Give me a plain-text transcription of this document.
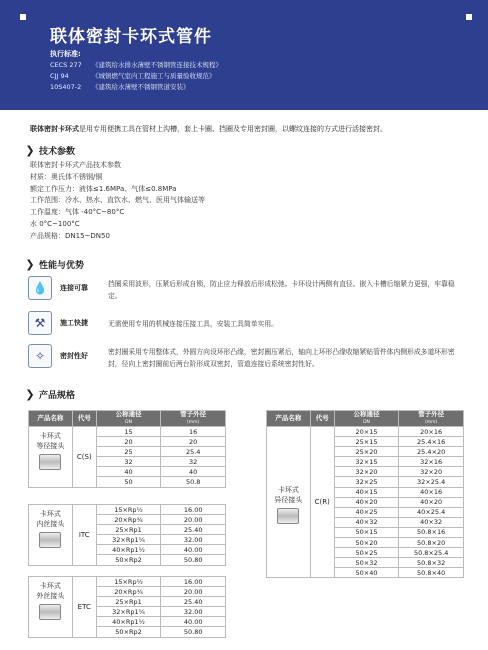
联体密封卡环式管件
执行标准:
CECS 277 《建筑给水排水薄壁不锈钢管连接技术规程》
CJJ 94	《城镇燃气室内工程施工与质量验收规范》
10S407-2 《建筑给水薄壁不锈钢管道安装》
联体密封卡环式是用专用便携工具在管材上沟槽，套上卡圈、挡圈及专用密封圈，以螺纹连接的方式进行活接密封。
❯ 技术参数
联体密封卡环式产品技术参数
材质：奥氏体不锈钢/铜
额定工作压力：液体≤1.6MPa、气体≤0.8MPa
工作范围：冷水、热水、直饮水、燃气、医用气体输送等
工作温度：气体 -40°C~80°C
水 0°C~100°C
产品规格：DN15~DN50
❯ 性能与优势
💧	连接可靠	挡圈采用波形，压紧后形成自锁，防止应力释放后形成松弛。卡环设计两侧有直径。嵌入卡槽后缩紧力更强，牢靠稳定。
⚒	施工快捷	无需使用专用的机械连接压接工具，安装工具简单实用。
✧	密封性好	密封圈采用专用整体式，外圆方向设环形凸缘，密封圈压紧后，轴向上环形凸缘收缩紧贴管件体内侧形成多道环形密封，径向上密封圈前后两台阶形成双密封，管道连接后系统密封性好。
❯ 产品规格
产品名称	代号	公称通径
DN	管子外径
(mm)

卡环式
等径接头	C(S)	15	16
		20	20
		25	25.4
		32	32
		40	40
		50	50.8
卡环式
内丝接头	ITC	15×Rp½	16.00
		20×Rp¾	20.00
		25×Rp1	25.40
		32×Rp1¼	32.00
		40×Rp1½	40.00
		50×Rp2	50.80
卡环式
外丝接头	ETC	15×Rp½	16.00
		20×Rp¾	20.00
		25×Rp1	25.40
		32×Rp1¼	32.00
		40×Rp1½	40.00
		50×Rp2	50.80
产品名称	代号	公称通径
DN	管子外径
(mm)

卡环式
异径接头	C(R)	20×15	20×16
		25×15	25.4×16
		25×20	25.4×20
		32×15	32×16
		32×20	32×20
		32×25	32×25.4
		40×15	40×16
		40×20	40×20
		40×25	40×25.4
		40×32	40×32
		50×15	50.8×16
		50×20	50.8×20
		50×25	50.8×25.4
		50×32	50.8×32
		50×40	50.8×40
